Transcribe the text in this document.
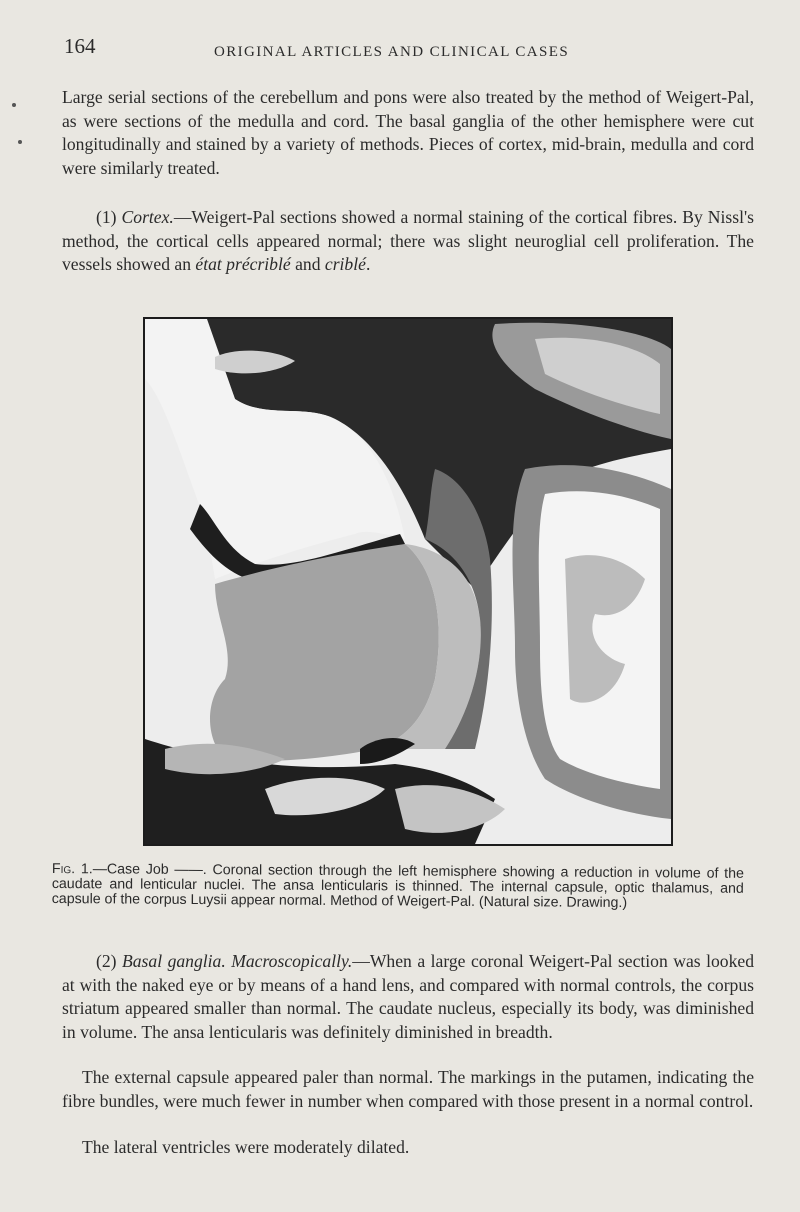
164	ORIGINAL ARTICLES AND CLINICAL CASES

Large serial sections of the cerebellum and pons were also treated by the method of Weigert-Pal, as were sections of the medulla and cord. The basal ganglia of the other hemisphere were cut longitudinally and stained by a variety of methods. Pieces of cortex, mid-brain, medulla and cord were similarly treated.

(1) Cortex.—Weigert-Pal sections showed a normal staining of the cortical fibres. By Nissl's method, the cortical cells appeared normal; there was slight neuroglial cell proliferation. The vessels showed an état précriblé and criblé.

Fig. 1.—Case Job ——. Coronal section through the left hemisphere showing a reduction in volume of the caudate and lenticular nuclei. The ansa lenticularis is thinned. The internal capsule, optic thalamus, and capsule of the corpus Luysii appear normal. Method of Weigert-Pal. (Natural size. Drawing.)

(2) Basal ganglia. Macroscopically.—When a large coronal Weigert-Pal section was looked at with the naked eye or by means of a hand lens, and compared with normal controls, the corpus striatum appeared smaller than normal. The caudate nucleus, especially its body, was diminished in volume. The ansa lenticularis was definitely diminished in breadth.

The external capsule appeared paler than normal. The markings in the putamen, indicating the fibre bundles, were much fewer in number when compared with those present in a normal control.

The lateral ventricles were moderately dilated.
